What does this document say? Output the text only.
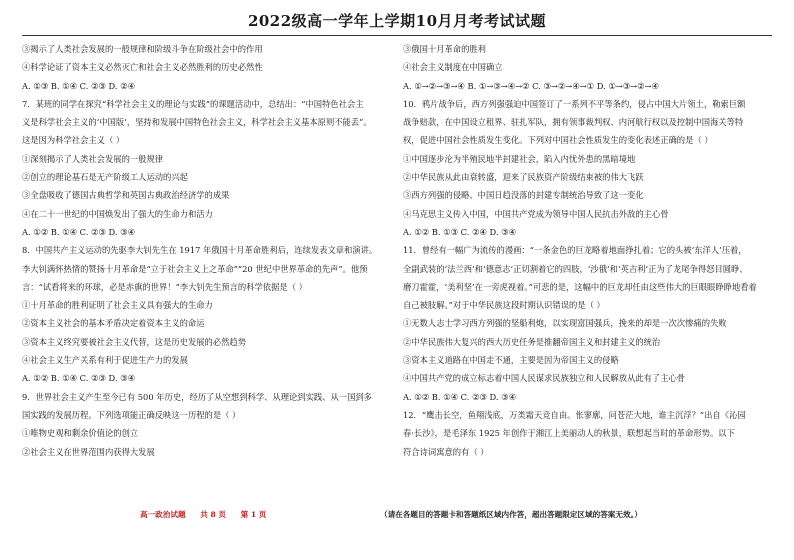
2022级高一学年上学期10月月考考试试题
③揭示了人类社会发展的一般规律和阶级斗争在阶级社会中的作用
④科学论证了资本主义必然灭亡和社会主义必然胜利的历史必然性
A. ①③ B. ①④ C. ②③ D. ②④
7．某班的同学在探究“科学社会主义的理论与实践”的课题活动中，总结出：“中国特色社会主
义是科学社会主义的‘中国版’，坚持和发展中国特色社会主义，科学社会主义基本原则不能丢”。
这是因为科学社会主义（ ）
①深刻揭示了人类社会发展的一般规律
②创立的理论基石是无产阶级工人运动的兴起
③全盘吸收了德国古典哲学和英国古典政治经济学的成果
④在二十一世纪的中国焕发出了强大的生命力和活力
A. ①② B. ①④ C. ②③ D. ③④
8．中国共产主义运动的先驱李大钊先生在 1917 年俄国十月革命胜利后，连续发表文章和演讲。
李大钊满怀热情的赞扬十月革命是“立于社会主义上之革命”“20 世纪中世界革命的先声”。他预
言：“试看将来的环球，必是赤旗的世界！”李大钊先生预言的科学依据是（ ）
①十月革命的胜利证明了社会主义具有强大的生命力
②资本主义社会的基本矛盾决定着资本主义的命运
③资本主义终究要被社会主义代替，这是历史发展的必然趋势
④社会主义生产关系有利于促进生产力的发展
A. ①② B. ①④ C. ②③ D. ③④
9．世界社会主义产生至今已有 500 年历史，经历了从空想到科学、从理论到实践、从一国到多
国实践的发展历程。下列选项能正确反映这一历程的是（ ）
①唯物史观和剩余价值论的创立
②社会主义在世界范围内获得大发展
③俄国十月革命的胜利
④社会主义制度在中国确立
A. ①→②→③→④ B. ①→③→④→② C. ③→②→④→① D. ①→③→②→④
10．鸦片战争后，西方列强强迫中国签订了一系列不平等条约，侵占中国大片领土，勒索巨额
战争赔款，在中国设立租界、驻扎军队，拥有领事裁判权、内河航行权以及控制中国海关等特
权，促进中国社会性质发生变化。下列对中国社会性质发生的变化表述正确的是（ ）
①中国逐步沦为半殖民地半封建社会，陷入内忧外患的黑暗境地
②中华民族从此由衰转盛，迎来了民族资产阶级结束被的伟大飞跃
③西方列强的侵略、中国日趋没落的封建专制统治导致了这一变化
④马克思主义传入中国，中国共产党成为领导中国人民抗击外敌的主心骨
A. ①② B. ①③ C. ②④ D. ③④
11．曾经有一幅广为流传的漫画：“一条金色的巨龙略着地面挣扎着；它的头被‘东洋人’压着，
全副武装的‘法兰西’和‘德意志’正切割着它的四肢，‘沙俄’和‘英吉利’正为了龙尾争得怒目圆睁、
磨刀霍霍，‘美利坚’在一旁虎视着。”可悲的是，这幅中的巨龙却任由这些伟大的巨眼眼睁睁地看着
自己被肢解。”对于中华民族这段时期认识错误的是（ ）
①无数人志士学习西方列强的坚船利炮，以实现富国强兵，挽来的却是一次次惨痛的失败
②中华民族伟大复兴的西大历史任务是推翻帝国主义和封建主义的统治
③资本主义道路在中国走不通，主要是因为帝国主义的侵略
④中国共产党的成立标志着中国人民谋求民族独立和人民解放从此有了主心骨
A. ①② B. ①④ C. ②③ D. ③④
12．“鹰击长空，鱼翔浅底，万类霜天竞自由。怅寥廓，问苍茫大地，谁主沉浮？”出自《沁园
春·长沙》，是毛泽东 1925 年创作于湘江上美丽动人的秋景，联想起当时的革命形势。以下
符合诗词寓意的有（ ）
高一政治试题 共 8 页 第 1 页	（请在各题目的答题卡和答题纸区域内作答，超出答题限定区域的答案无效。）
